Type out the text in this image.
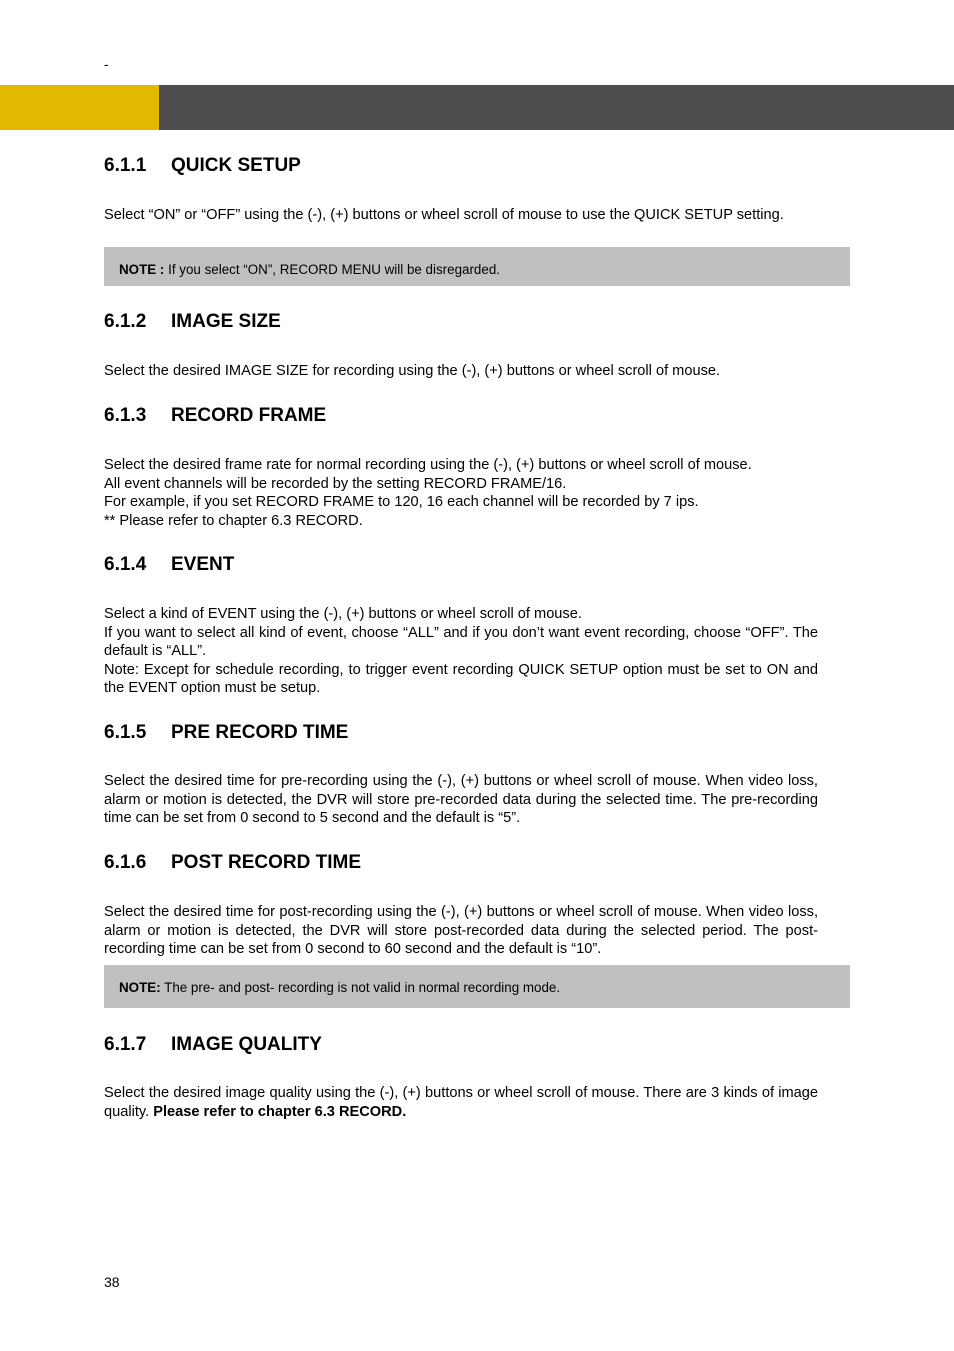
-
6.1.1 QUICK SETUP

Select “ON” or “OFF” using the (-), (+) buttons or wheel scroll of mouse to use the QUICK SETUP setting.

NOTE : If you select “ON”, RECORD MENU will be disregarded.
6.1.2 IMAGE SIZE

Select the desired IMAGE SIZE for recording using the (-), (+) buttons or wheel scroll of mouse.

6.1.3 RECORD FRAME

Select the desired frame rate for normal recording using the (-), (+) buttons or wheel scroll of mouse.
All event channels will be recorded by the setting RECORD FRAME/16.
For example, if you set RECORD FRAME to 120, 16 each channel will be recorded by 7 ips.
** Please refer to chapter 6.3 RECORD.

6.1.4 EVENT

Select a kind of EVENT using the (-), (+) buttons or wheel scroll of mouse.
If you want to select all kind of event, choose “ALL” and if you don’t want event recording, choose “OFF”. The default is “ALL”.
Note: Except for schedule recording, to trigger event recording QUICK SETUP option must be set to ON and the EVENT option must be setup.

6.1.5 PRE RECORD TIME

Select the desired time for pre-recording using the (-), (+) buttons or wheel scroll of mouse. When video loss, alarm or motion is detected, the DVR will store pre-recorded data during the selected time. The pre-recording time can be set from 0 second to 5 second and the default is “5”.

6.1.6 POST RECORD TIME

Select the desired time for post-recording using the (-), (+) buttons or wheel scroll of mouse. When video loss, alarm or motion is detected, the DVR will store post-recorded data during the selected period. The post-recording time can be set from 0 second to 60 second and the default is “10”.

NOTE: The pre- and post- recording is not valid in normal recording mode.
6.1.7 IMAGE QUALITY

Select the desired image quality using the (-), (+) buttons or wheel scroll of mouse. There are 3 kinds of image quality. Please refer to chapter 6.3 RECORD.

38
